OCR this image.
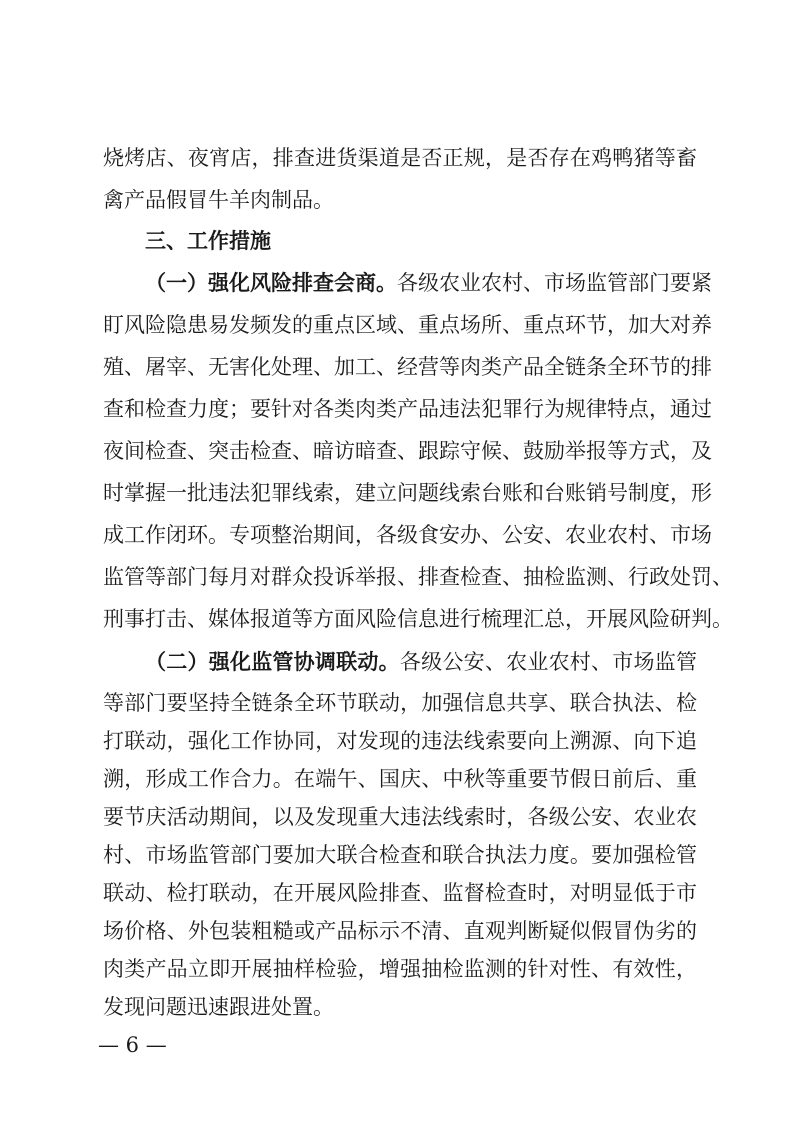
烧烤店、夜宵店，排查进货渠道是否正规，是否存在鸡鸭猪等畜
禽产品假冒牛羊肉制品。
三、工作措施
（一）强化风险排查会商。各级农业农村、市场监管部门要紧
盯风险隐患易发频发的重点区域、重点场所、重点环节，加大对养
殖、屠宰、无害化处理、加工、经营等肉类产品全链条全环节的排
查和检查力度；要针对各类肉类产品违法犯罪行为规律特点，通过
夜间检查、突击检查、暗访暗查、跟踪守候、鼓励举报等方式，及
时掌握一批违法犯罪线索，建立问题线索台账和台账销号制度，形
成工作闭环。专项整治期间，各级食安办、公安、农业农村、市场
监管等部门每月对群众投诉举报、排查检查、抽检监测、行政处罚、
刑事打击、媒体报道等方面风险信息进行梳理汇总，开展风险研判。
（二）强化监管协调联动。各级公安、农业农村、市场监管
等部门要坚持全链条全环节联动，加强信息共享、联合执法、检
打联动，强化工作协同，对发现的违法线索要向上溯源、向下追
溯，形成工作合力。在端午、国庆、中秋等重要节假日前后、重
要节庆活动期间，以及发现重大违法线索时，各级公安、农业农
村、市场监管部门要加大联合检查和联合执法力度。要加强检管
联动、检打联动，在开展风险排查、监督检查时，对明显低于市
场价格、外包装粗糙或产品标示不清、直观判断疑似假冒伪劣的
肉类产品立即开展抽样检验，增强抽检监测的针对性、有效性，
发现问题迅速跟进处置。
— 6 —
